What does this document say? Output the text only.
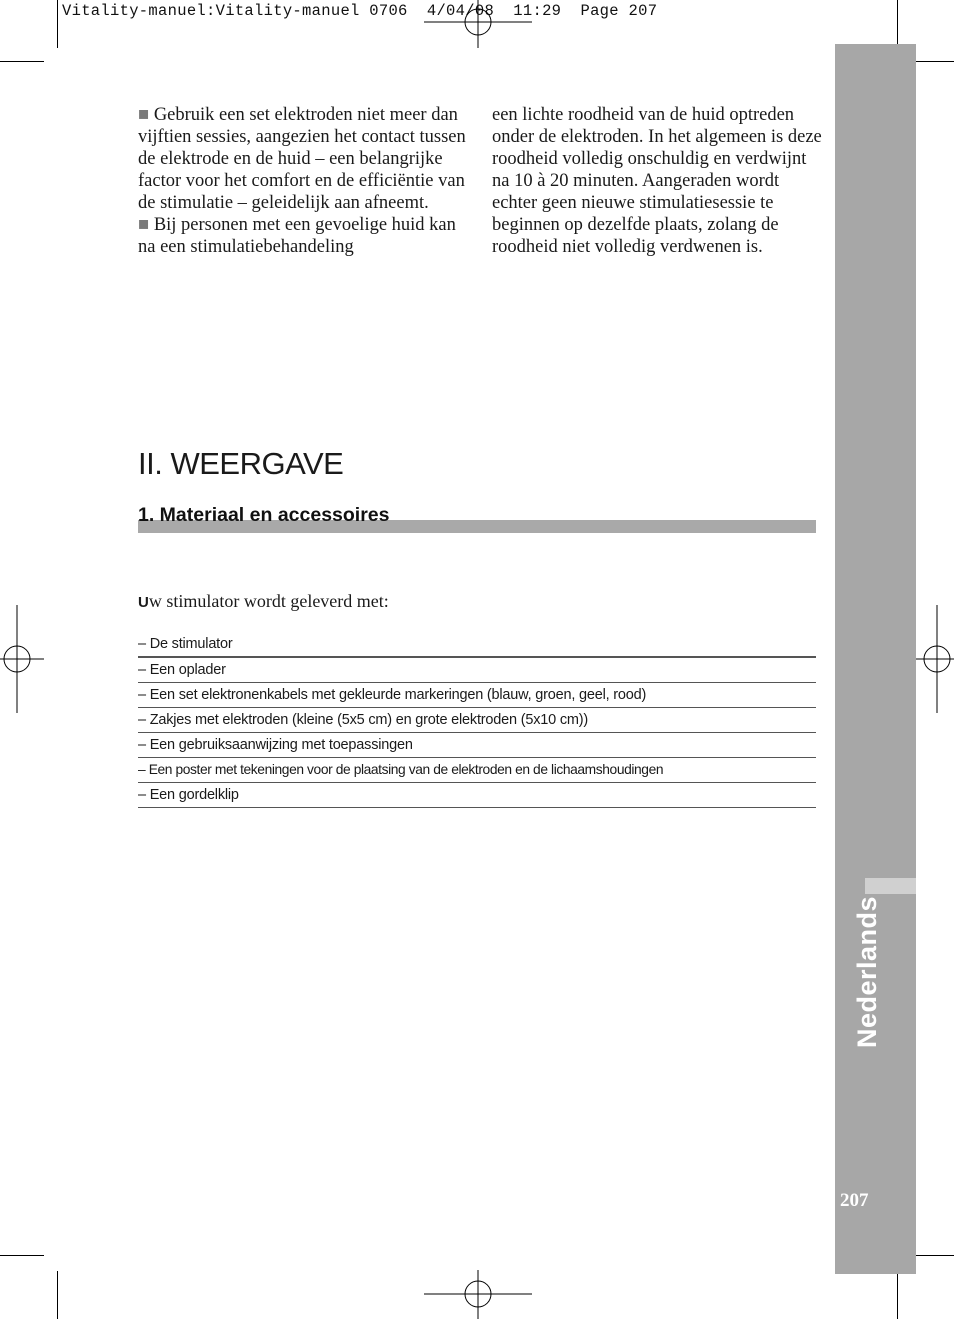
Vitality-manuel:Vitality-manuel 0706  4/04/08  11:29  Page 207
Nederlands
207

■ Gebruik een set elektroden niet meer dan vijftien sessies, aangezien het contact tussen de elektrode en de huid – een belangrijke factor voor het comfort en de efficiëntie van de stimulatie – geleidelijk aan afneemt.

■ Bij personen met een gevoelige huid kan na een stimulatiebehandeling

een lichte roodheid van de huid optreden onder de elektroden. In het algemeen is deze roodheid volledig onschuldig en verdwijnt na 10 à 20 minuten. Aangeraden wordt echter geen nieuwe stimulatiesessie te beginnen op dezelfde plaats, zolang de roodheid niet volledig verdwenen is.

II. WEERGAVE
1. Materiaal en accessoires
Uw stimulator wordt geleverd met:
– De stimulator
– Een oplader
– Een set elektronenkabels met gekleurde markeringen (blauw, groen, geel, rood)
– Zakjes met elektroden (kleine (5x5 cm) en grote elektroden (5x10 cm))
– Een gebruiksaanwijzing met toepassingen
– Een poster met tekeningen voor de plaatsing van de elektroden en de lichaamshoudingen
– Een gordelklip
